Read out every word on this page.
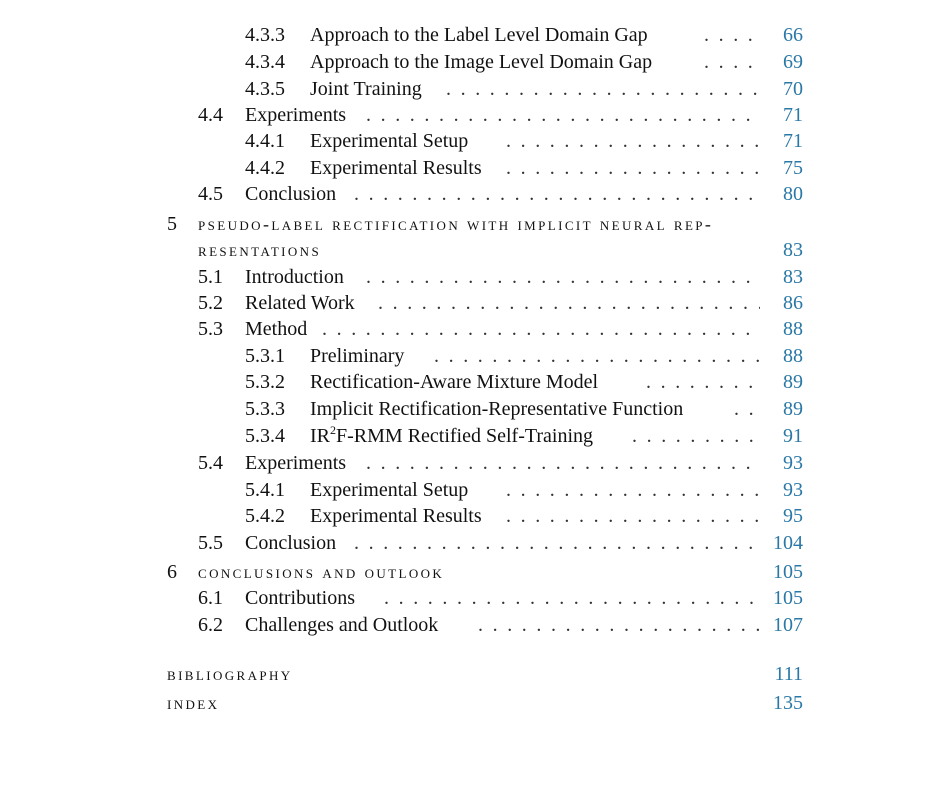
4.3.3 Approach to the Label Level Domain Gap . . .	66
4.3.4 Approach to the Image Level Domain Gap . . .	69
4.3.5 Joint Training . . .	70
4.4 Experiments . . .	71
4.4.1 Experimental Setup . . .	71
4.4.2 Experimental Results . . .	75
4.5 Conclusion . . .	80
5 pseudo-label rectification with implicit neural rep-
resentations	83
5.1 Introduction . . .	83
5.2 Related Work . . .	86
5.3 Method . . .	88
5.3.1 Preliminary . . .	88
5.3.2 Rectification-Aware Mixture Model . . .	89
5.3.3 Implicit Rectification-Representative Function . . .	89
5.3.4 $IR^2F$-RMM Rectified Self-Training . . .	91
5.4 Experiments . . .	93
5.4.1 Experimental Setup . . .	93
5.4.2 Experimental Results . . .	95
5.5 Conclusion . . .	104
6 conclusions and outlook	105
6.1 Contributions . . .	105
6.2 Challenges and Outlook . . .	107
bibliography	111
index	135
